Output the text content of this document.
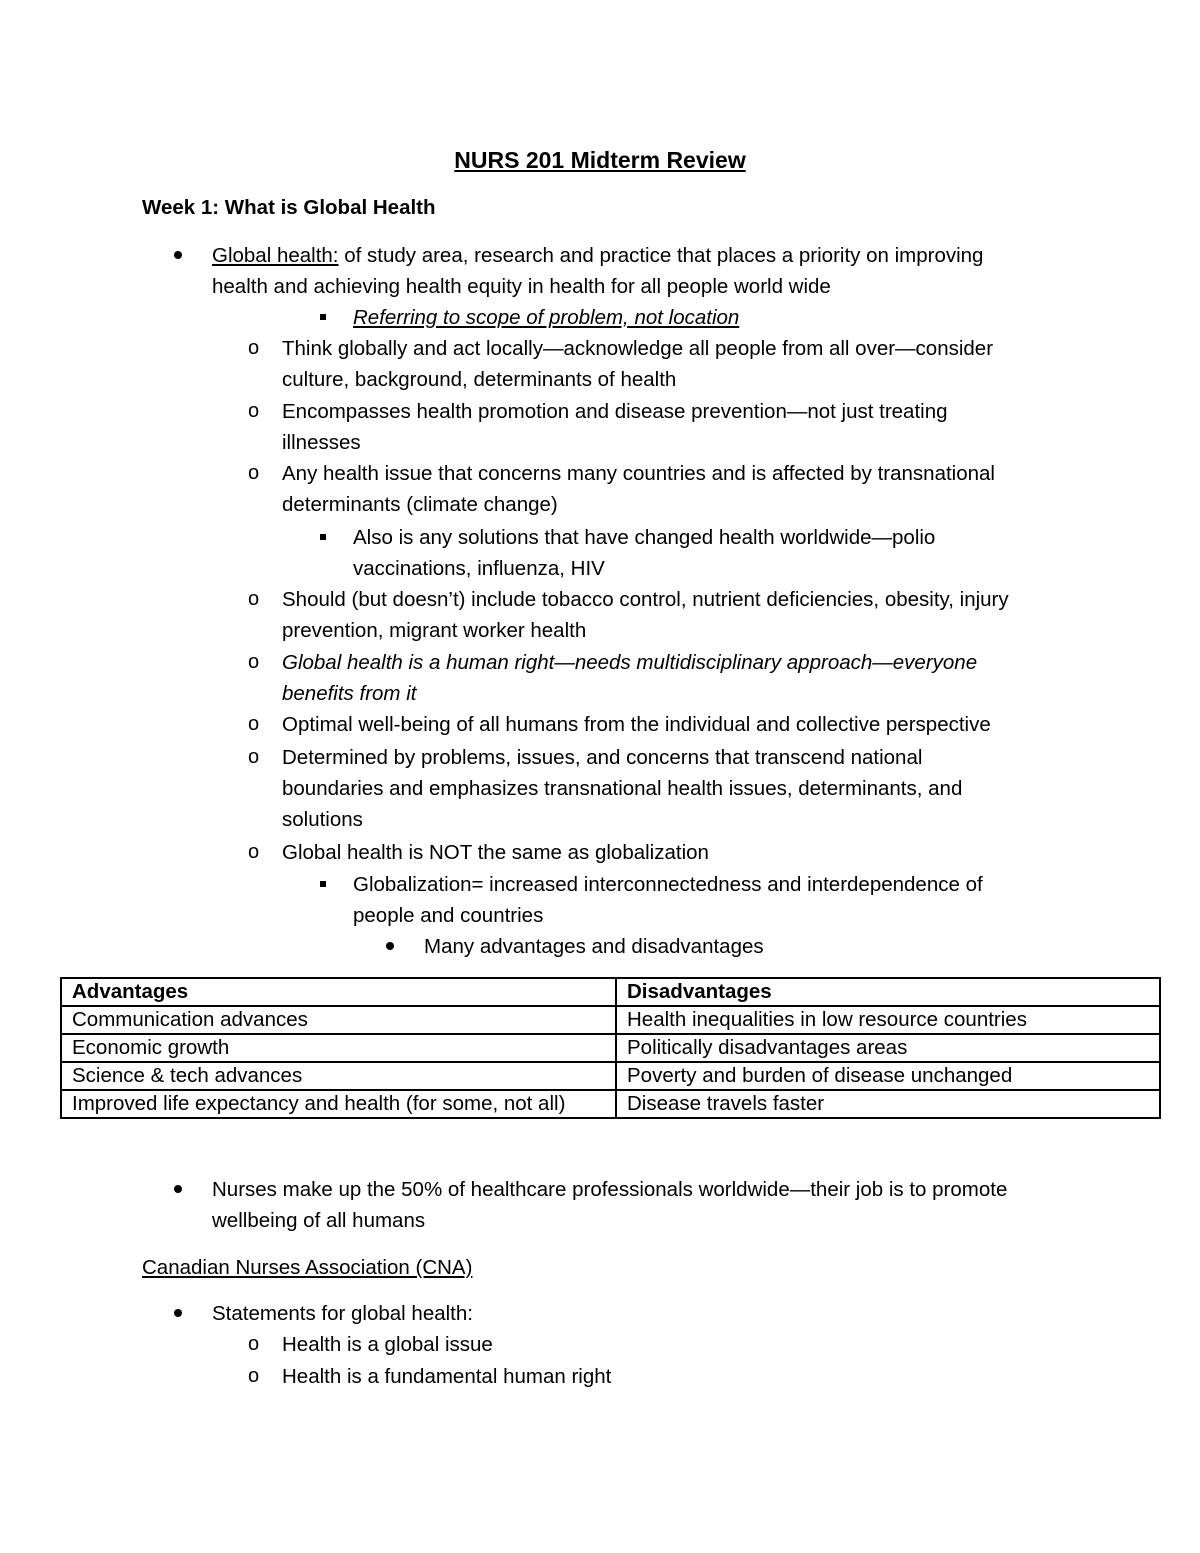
NURS 201 Midterm Review
Week 1: What is Global Health
Global health: of study area, research and practice that places a priority on improving
health and achieving health equity in health for all people world wide
Referring to scope of problem, not location
o Think globally and act locally—acknowledge all people from all over—consider
culture, background, determinants of health
o Encompasses health promotion and disease prevention—not just treating
illnesses
o Any health issue that concerns many countries and is affected by transnational
determinants (climate change)
Also is any solutions that have changed health worldwide—polio
vaccinations, influenza, HIV
o Should (but doesn’t) include tobacco control, nutrient deficiencies, obesity, injury
prevention, migrant worker health
o Global health is a human right—needs multidisciplinary approach—everyone
benefits from it
o Optimal well-being of all humans from the individual and collective perspective
o Determined by problems, issues, and concerns that transcend national
boundaries and emphasizes transnational health issues, determinants, and
solutions
o Global health is NOT the same as globalization
Globalization= increased interconnectedness and interdependence of
people and countries
Many advantages and disadvantages
Advantages	Disadvantages
Communication advances	Health inequalities in low resource countries
Economic growth	Politically disadvantages areas
Science & tech advances	Poverty and burden of disease unchanged
Improved life expectancy and health (for some, not all)	Disease travels faster
Nurses make up the 50% of healthcare professionals worldwide—their job is to promote
wellbeing of all humans
Canadian Nurses Association (CNA)
Statements for global health:
o Health is a global issue
o Health is a fundamental human right
